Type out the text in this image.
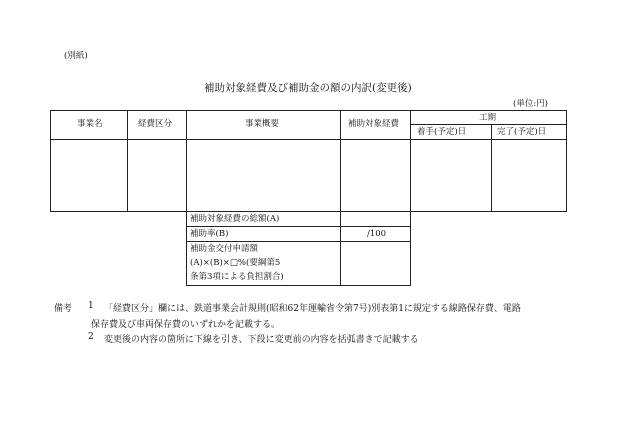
(別紙)
補助対象経費及び補助金の額の内訳(変更後)
(単位:円)
事業名	経費区分	事業概要	補助対象経費
工期
着手(予定)日	完了(予定)日
補助対象経費の総額(A)
補助率(B)	/100
補助金交付申請額
(A)×(B)×□%(要綱第5
条第3項による負担割合)
備考 1 「経費区分」欄には、鉄道事業会計規則(昭和62年運輸省令第7号)別表第1に規定する線路保存費、電路
保存費及び車両保存費のいずれかを記載する。
2 変更後の内容の箇所に下線を引き、下段に変更前の内容を括弧書きで記載する
